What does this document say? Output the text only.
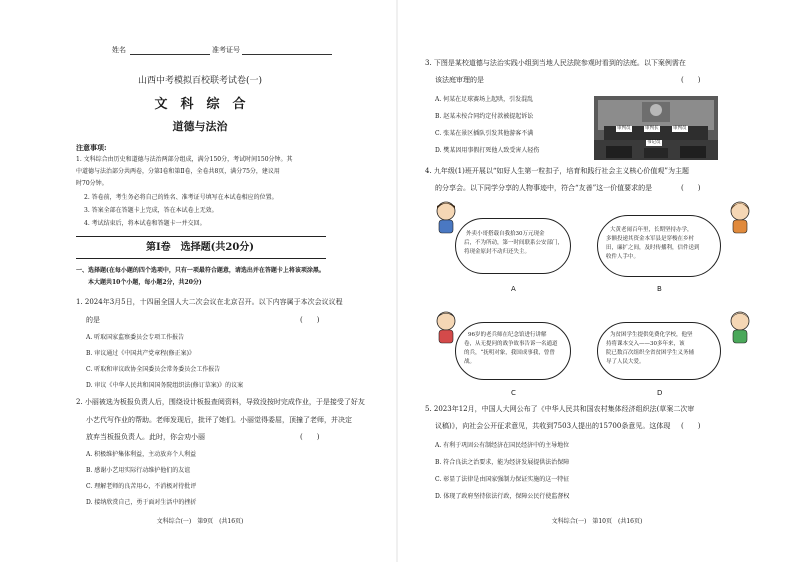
姓名	准考证号
山西中考模拟百校联考试卷(一)
文　科　综　合
道德与法治
注意事项:
1. 文科综合由历史和道德与法治两部分组成，满分150分，考试时间150分钟。其
中道德与法治部分共两卷，分第Ⅰ卷和第Ⅱ卷，全卷共8页，满分75分，建议用
时70分钟。
2. 答卷前，考生务必将自己的姓名、准考证号填写在本试卷相应的位置。
3. 答案全部在答题卡上完成，答在本试卷上无效。
4. 考试结束后，将本试卷和答题卡一并交回。
第Ⅰ卷　选择题(共20分)
一、选择题(在每小题的四个选项中，只有一项最符合题意，请选出并在答题卡上将该项涂黑。
本大题共10个小题，每小题2分，共20分)
1. 2024年3月5日，十四届全国人大二次会议在北京召开。以下内容属于本次会议议程
的是	(　　)
A. 听取国家监察委员会专项工作报告
B. 审议通过《中国共产党章程(修正案)》
C. 听取和审议政协全国委员会常务委员会工作报告
D. 审议《中华人民共和国国务院组织法(修订草案)》的议案
2. 小丽被选为板报负责人后，围绕设计板报查阅资料，导致没按时完成作业，于是接受了好友
小艺代写作业的帮助。老师发现后，批评了她们。小丽觉得委屈，顶撞了老师，并决定
放弃当板报负责人。此时，你会劝小丽	(　　)
A. 积极维护集体利益，主动放弃个人利益
B. 感谢小艺用实际行动维护他们的友谊
C. 理解老师的良苦用心，不消极对待批评
D. 接纳欣赏自己，勇于面对生活中的挫折
文科综合(一)　第9页　(共16页)
3. 下图是某校道德与法治实践小组到当地人民法院参观时看到的法庭。以下案例需在
该法庭审理的是	(　　)
A. 何某在足球赛场上起哄，引发混乱
B. 赵某未按合同约定付款被提起诉讼
C. 张某在景区插队引发其他游客不满
D. 樊某因用事假打死他人致受害人轻伤
审判员	审判长	审判员
书记员
4. 九年级(1)班开展以“如好人生第一粒扣子，培育和践行社会主义核心价值观”为主题
的分享会。以下同学分享的人物事迹中，符合“友善”这一价值要求的是	(　　)
外卖小哥搭载自我拾30万元现金
后，不为所动，第一时间联系公安部门，
将现金原封不动归还失主。
A
大黄老闹百年里，长期坚持办学，
多额投递其资金本军县是穿梭在乡村
田，廉扩之间，及时传播利，信件送到
收件人手中。
B
96岁的老兵师在纪念馆进行讲解
卷，从无提问的战争故事告诉一名通道
的兵，“抚明对象，我国成事我，曾曾
战。
C
为贫困学生提供免费化学校，他坚
持将课本交入——30多年来，该
院已数百次组织全省贫困学生义务辅
导了人民大爱。
D
5. 2023年12月，中国人大网公布了《中华人民共和国农村集体经济组织法(草案二次审
议稿)》，向社会公开征求意见，共收到7503人提出的15700条意见。这体现 (　　)
A. 有利于巩固公有制经济在国民经济中的主导地位
B. 符合良法之治要求，能为经济发展提供法治保障
C. 彰显了法律是由国家强制力保证实施的这一特征
D. 体现了政府坚持依法行政，保障公民行使监督权
文科综合(一)　第10页　(共16页)
